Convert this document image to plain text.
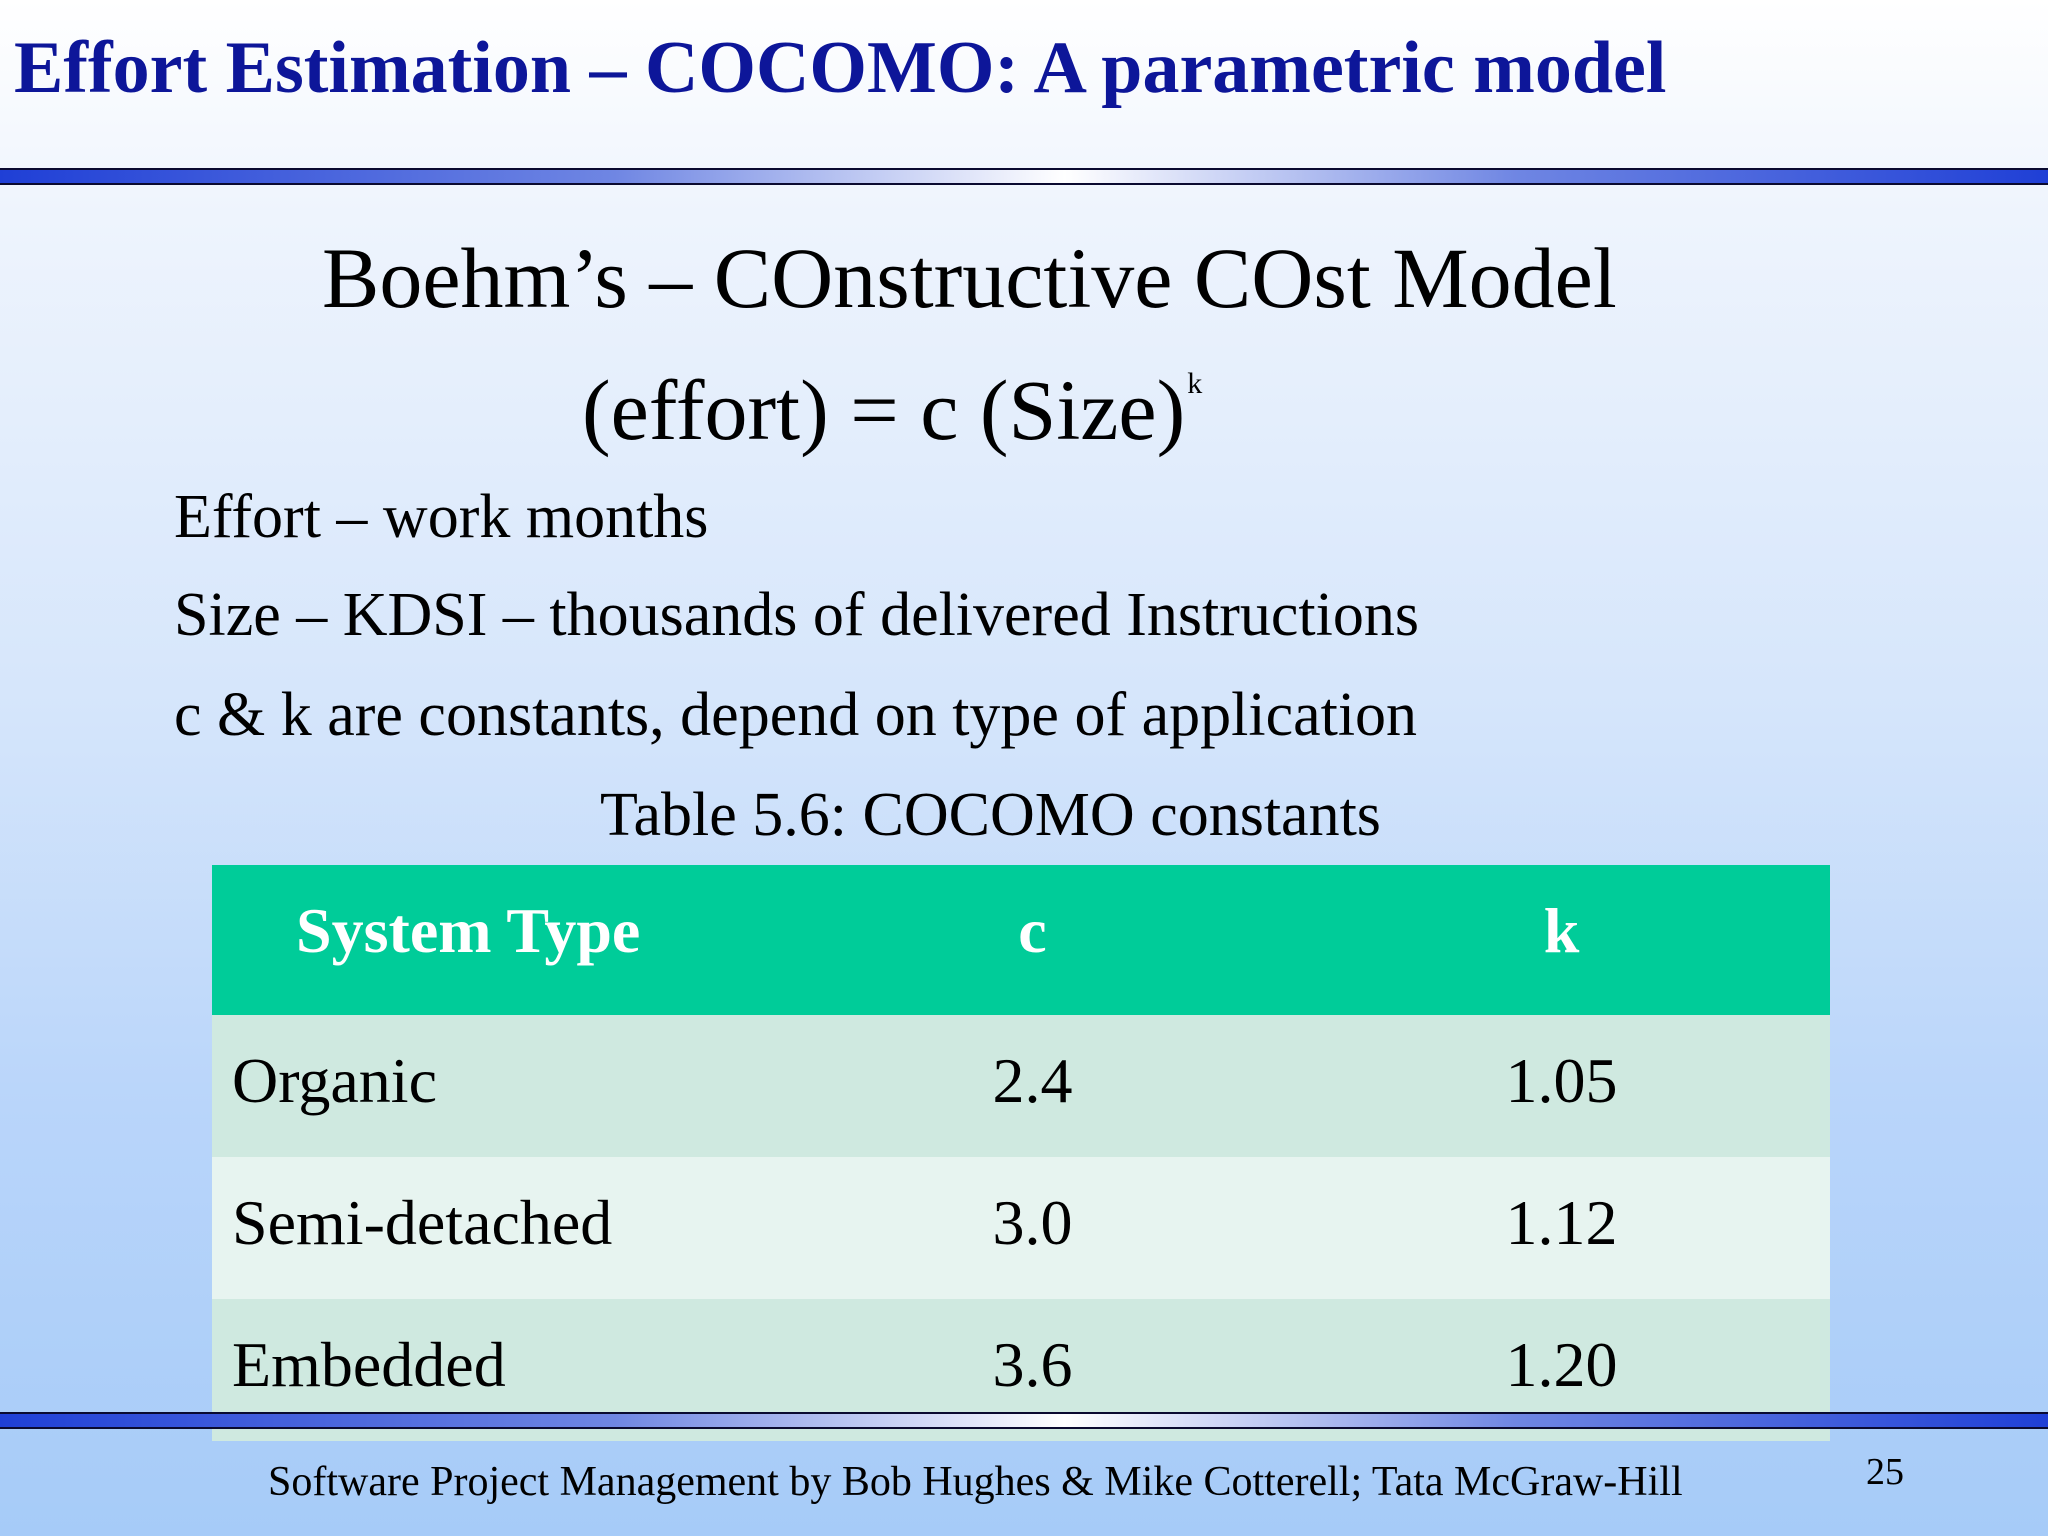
Effort Estimation – COCOMO: A parametric model
Boehm’s – COnstructive COst Model
(effort) = c (Size)$^k$
Effort – work months
Size – KDSI – thousands of delivered Instructions
c & k are constants, depend on type of application
Table 5.6: COCOMO constants
System Type	c	k
Organic	2.4	1.05
Semi-detached	3.0	1.12
Embedded	3.6	1.20
Software Project Management by Bob Hughes & Mike Cotterell; Tata McGraw-Hill	25
